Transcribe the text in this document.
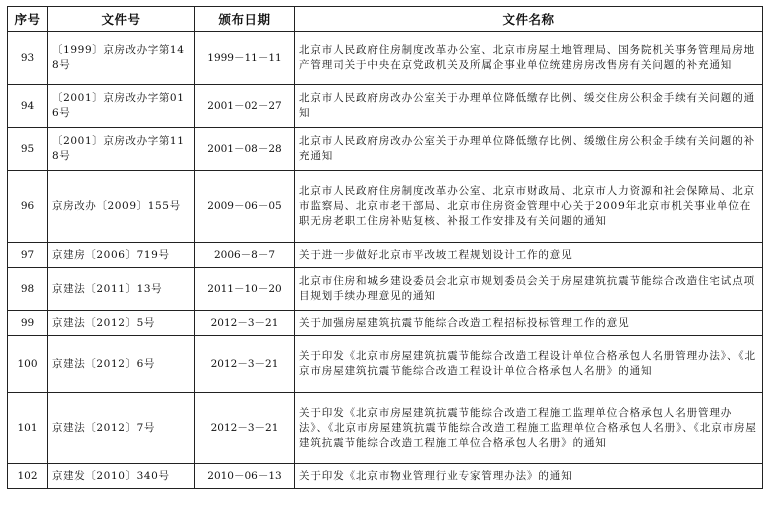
序号	文件号	颁布日期	文件名称
93	〔1999〕京房改办字第148号	1999－11－11	北京市人民政府住房制度改革办公室、北京市房屋土地管理局、国务院机关事务管理局房地产管理司关于中央在京党政机关及所属企事业单位统建房房改售房有关问题的补充通知
94	〔2001〕京房改办字第016号	2001－02－27	北京市人民政府房改办公室关于办理单位降低缴存比例、缓交住房公积金手续有关问题的通知
95	〔2001〕京房改办字第118号	2001－08－28	北京市人民政府房改办公室关于办理单位降低缴存比例、缓缴住房公积金手续有关问题的补充通知
96	京房改办〔2009〕155号	2009－06－05	北京市人民政府住房制度改革办公室、北京市财政局、北京市人力资源和社会保障局、北京市监察局、北京市老干部局、北京市住房资金管理中心关于2009年北京市机关事业单位在职无房老职工住房补贴复核、补报工作安排及有关问题的通知
97	京建房〔2006〕719号	2006－8－7	关于进一步做好北京市平改坡工程规划设计工作的意见
98	京建法〔2011〕13号	2011－10－20	北京市住房和城乡建设委员会北京市规划委员会关于房屋建筑抗震节能综合改造住宅试点项目规划手续办理意见的通知
99	京建法〔2012〕5号	2012－3－21	关于加强房屋建筑抗震节能综合改造工程招标投标管理工作的意见
100	京建法〔2012〕6号	2012－3－21	关于印发《北京市房屋建筑抗震节能综合改造工程设计单位合格承包人名册管理办法》、《北京市房屋建筑抗震节能综合改造工程设计单位合格承包人名册》的通知
101	京建法〔2012〕7号	2012－3－21	关于印发《北京市房屋建筑抗震节能综合改造工程施工监理单位合格承包人名册管理办法》、《北京市房屋建筑抗震节能综合改造工程施工监理单位合格承包人名册》、《北京市房屋建筑抗震节能综合改造工程施工单位合格承包人名册》的通知
102	京建发〔2010〕340号	2010－06－13	关于印发《北京市物业管理行业专家管理办法》的通知
